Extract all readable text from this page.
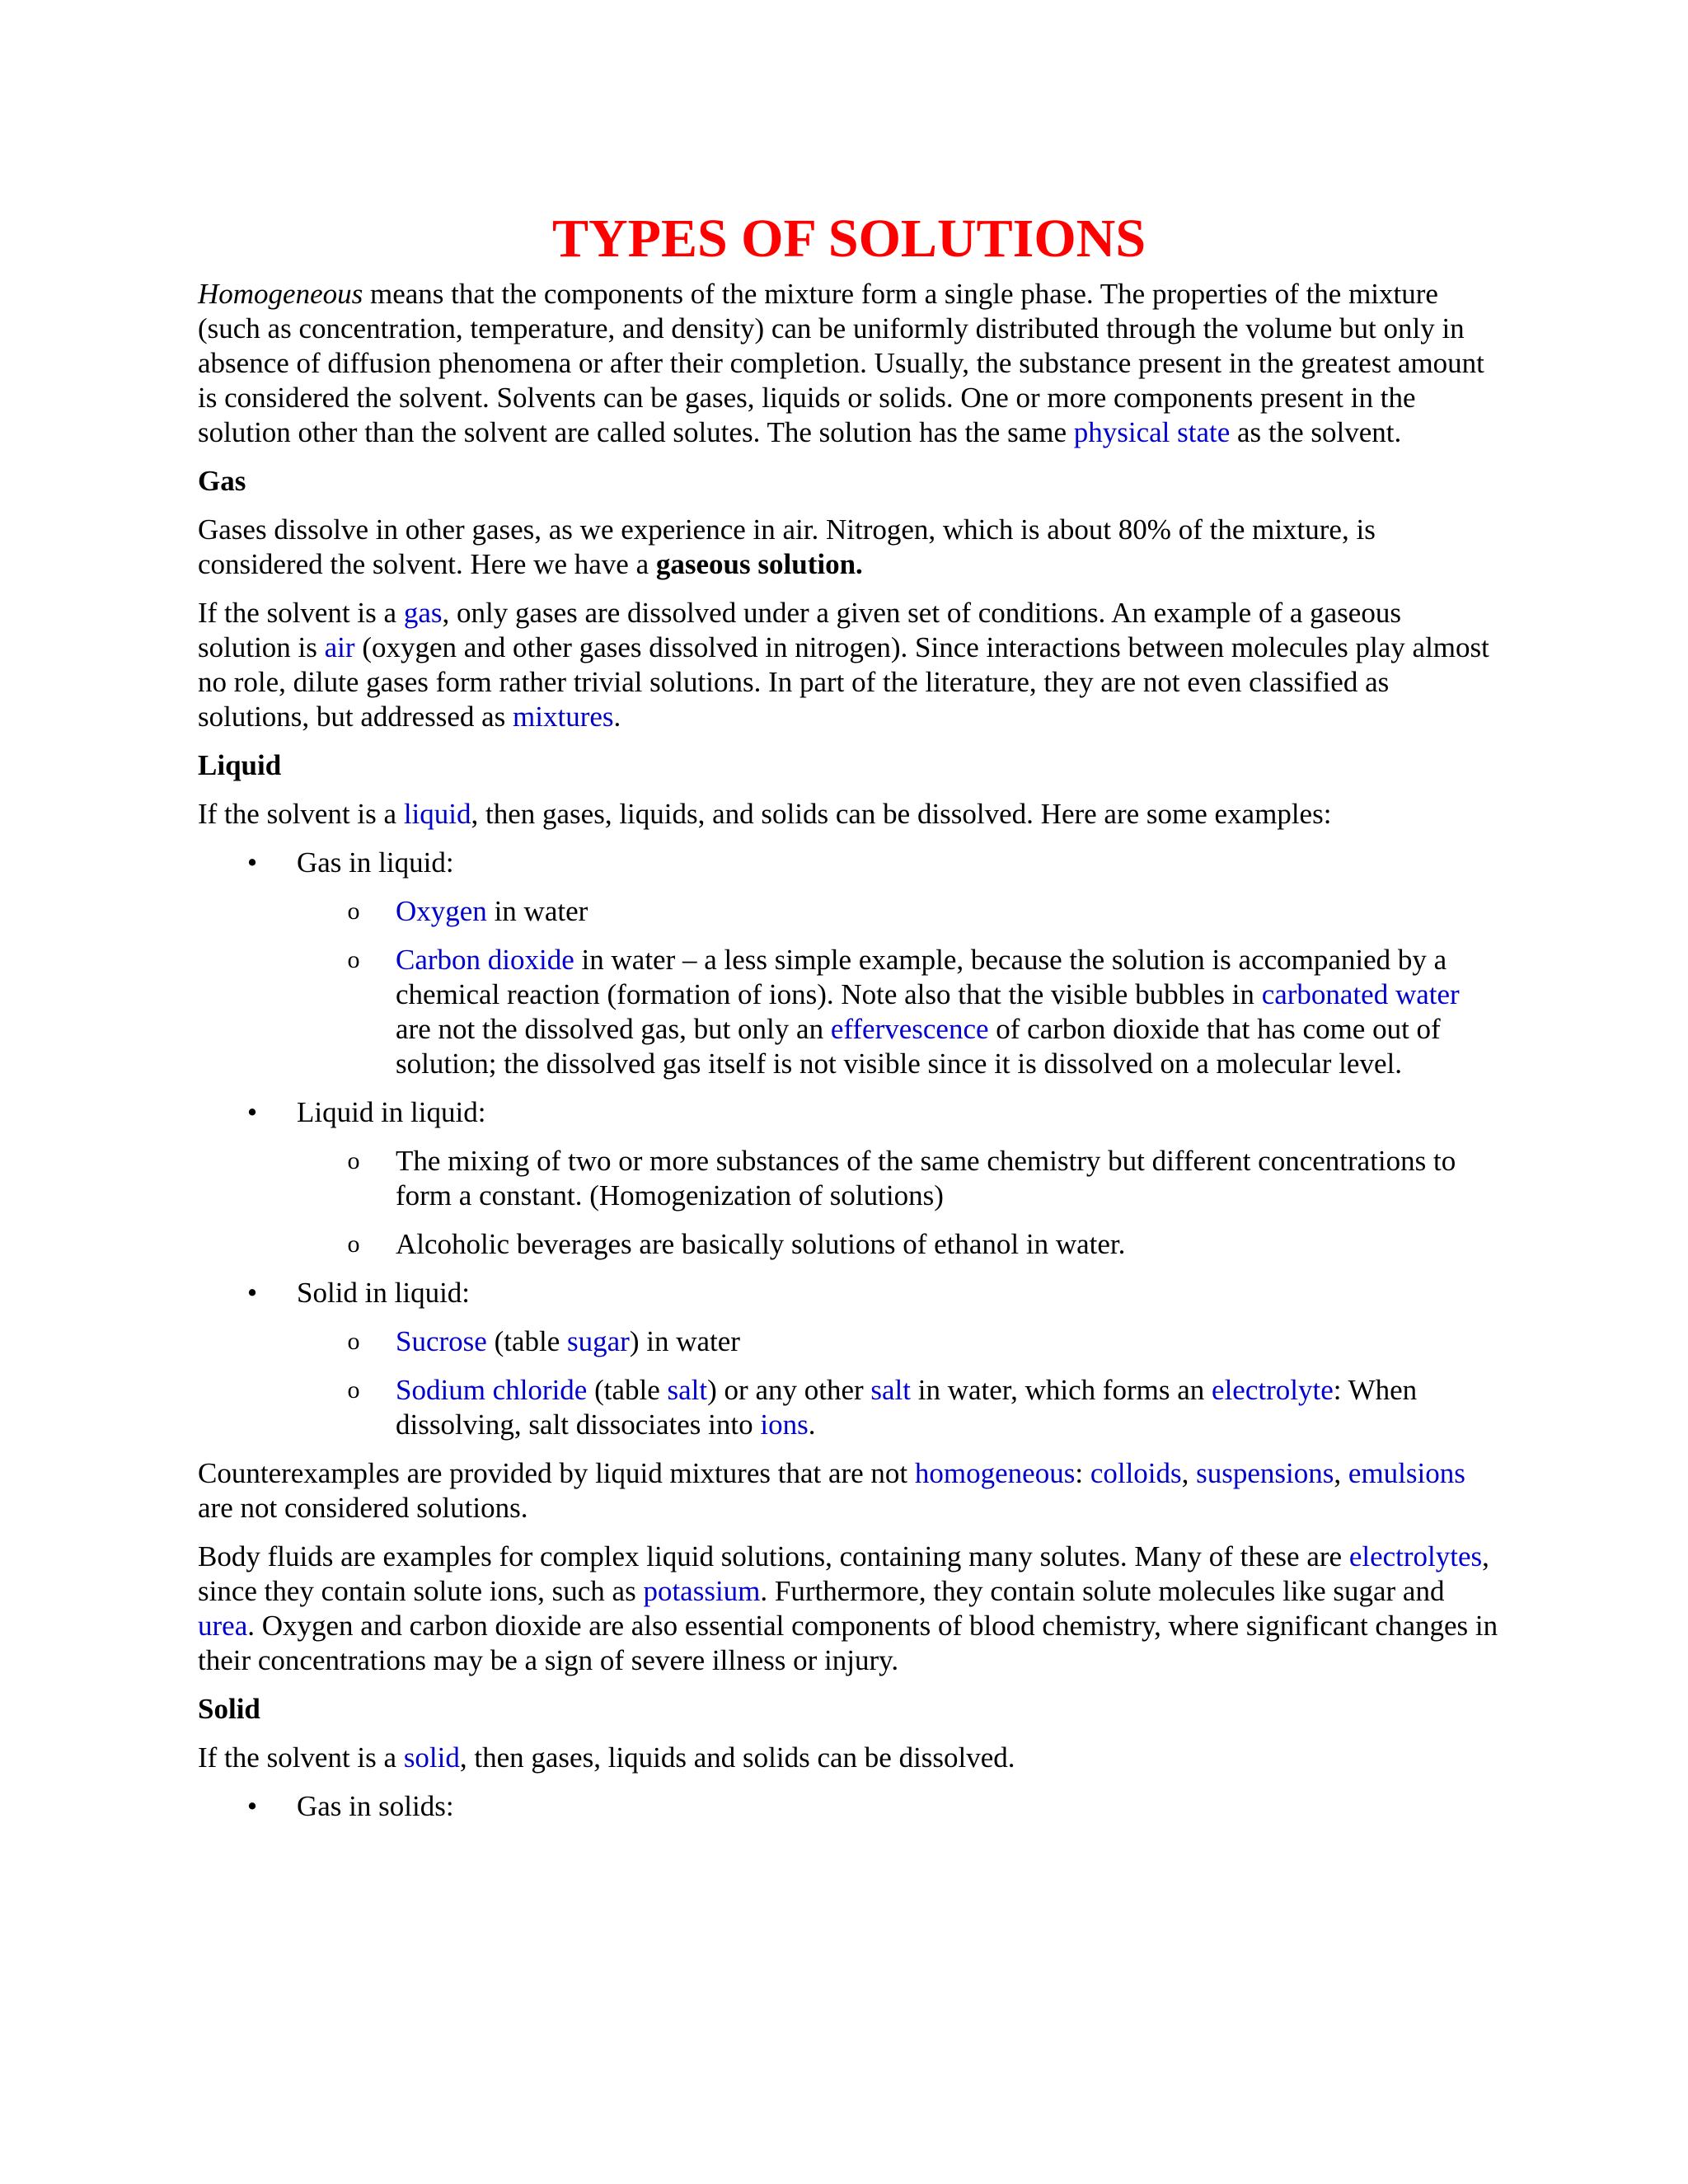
TYPES OF SOLUTIONS

Homogeneous means that the components of the mixture form a single phase. The properties of the mixture (such as concentration, temperature, and density) can be uniformly distributed through the volume but only in absence of diffusion phenomena or after their completion. Usually, the substance present in the greatest amount is considered the solvent. Solvents can be gases, liquids or solids. One or more components present in the solution other than the solvent are called solutes. The solution has the same physical state as the solvent.

Gas

Gases dissolve in other gases, as we experience in air. Nitrogen, which is about 80% of the mixture, is considered the solvent. Here we have a gaseous solution.

If the solvent is a gas, only gases are dissolved under a given set of conditions. An example of a gaseous solution is air (oxygen and other gases dissolved in nitrogen). Since interactions between molecules play almost no role, dilute gases form rather trivial solutions. In part of the literature, they are not even classified as solutions, but addressed as mixtures.

Liquid

If the solvent is a liquid, then gases, liquids, and solids can be dissolved. Here are some examples:

• Gas in liquid:
o Oxygen in water
o Carbon dioxide in water – a less simple example, because the solution is accompanied by a chemical reaction (formation of ions). Note also that the visible bubbles in carbonated water are not the dissolved gas, but only an effervescence of carbon dioxide that has come out of solution; the dissolved gas itself is not visible since it is dissolved on a molecular level.
• Liquid in liquid:
o The mixing of two or more substances of the same chemistry but different concentrations to form a constant. (Homogenization of solutions)
o Alcoholic beverages are basically solutions of ethanol in water.
• Solid in liquid:
o Sucrose (table sugar) in water
o Sodium chloride (table salt) or any other salt in water, which forms an electrolyte: When dissolving, salt dissociates into ions.

Counterexamples are provided by liquid mixtures that are not homogeneous: colloids, suspensions, emulsions are not considered solutions.

Body fluids are examples for complex liquid solutions, containing many solutes. Many of these are electrolytes, since they contain solute ions, such as potassium. Furthermore, they contain solute molecules like sugar and urea. Oxygen and carbon dioxide are also essential components of blood chemistry, where significant changes in their concentrations may be a sign of severe illness or injury.

Solid

If the solvent is a solid, then gases, liquids and solids can be dissolved.

• Gas in solids:
